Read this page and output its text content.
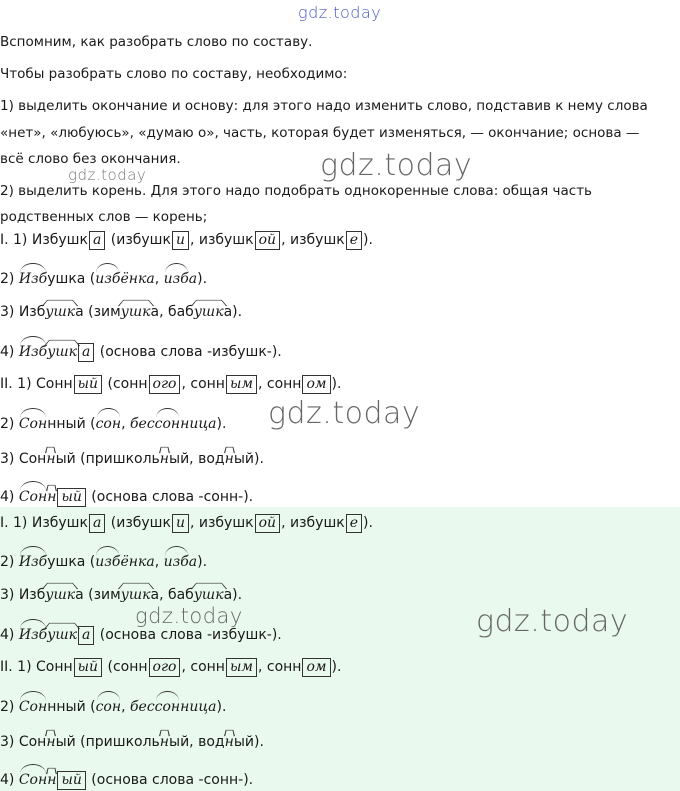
gdz.today
gdz.today	gdz.today
gdz.today
gdz.today	gdz.today
Вспомним, как разобрать слово по составу.
Чтобы разобрать слово по составу, необходимо:
1) выделить окончание и основу: для этого надо изменить слово, подставив к нему слова
«нет», «любуюсь», «думаю о», часть, которая будет изменяться, — окончание; основа —
всё слово без окончания.
2) выделить корень. Для этого надо подобрать однокоренные слова: общая часть
родственных слов — корень;
I. 1) Избушк а (избушк и , избушк ой , избушк е ).
2) Избушка (избёнка, изба).
3) Избушка (зимушка, бабушка).
4) Избушк а (основа слова -избушк-).
II. 1) Сонн ый (сонн ого , сонн ым , сонн ом ).
2) Соннный (сон, бессонница).
3) Сонный (пришкольный, водный).
4) Сонн ый (основа слова -сонн-).
I. 1) Избушк а (избушк и , избушк ой , избушк е ).
2) Избушка (избёнка, изба).
3) Избушка (зимушка, бабушка).
4) Избушк а (основа слова -избушк-).
II. 1) Сонн ый (сонн ого , сонн ым , сонн ом ).
2) Соннный (сон, бессонница).
3) Сонный (пришкольный, водный).
4) Сонн ый (основа слова -сонн-).
